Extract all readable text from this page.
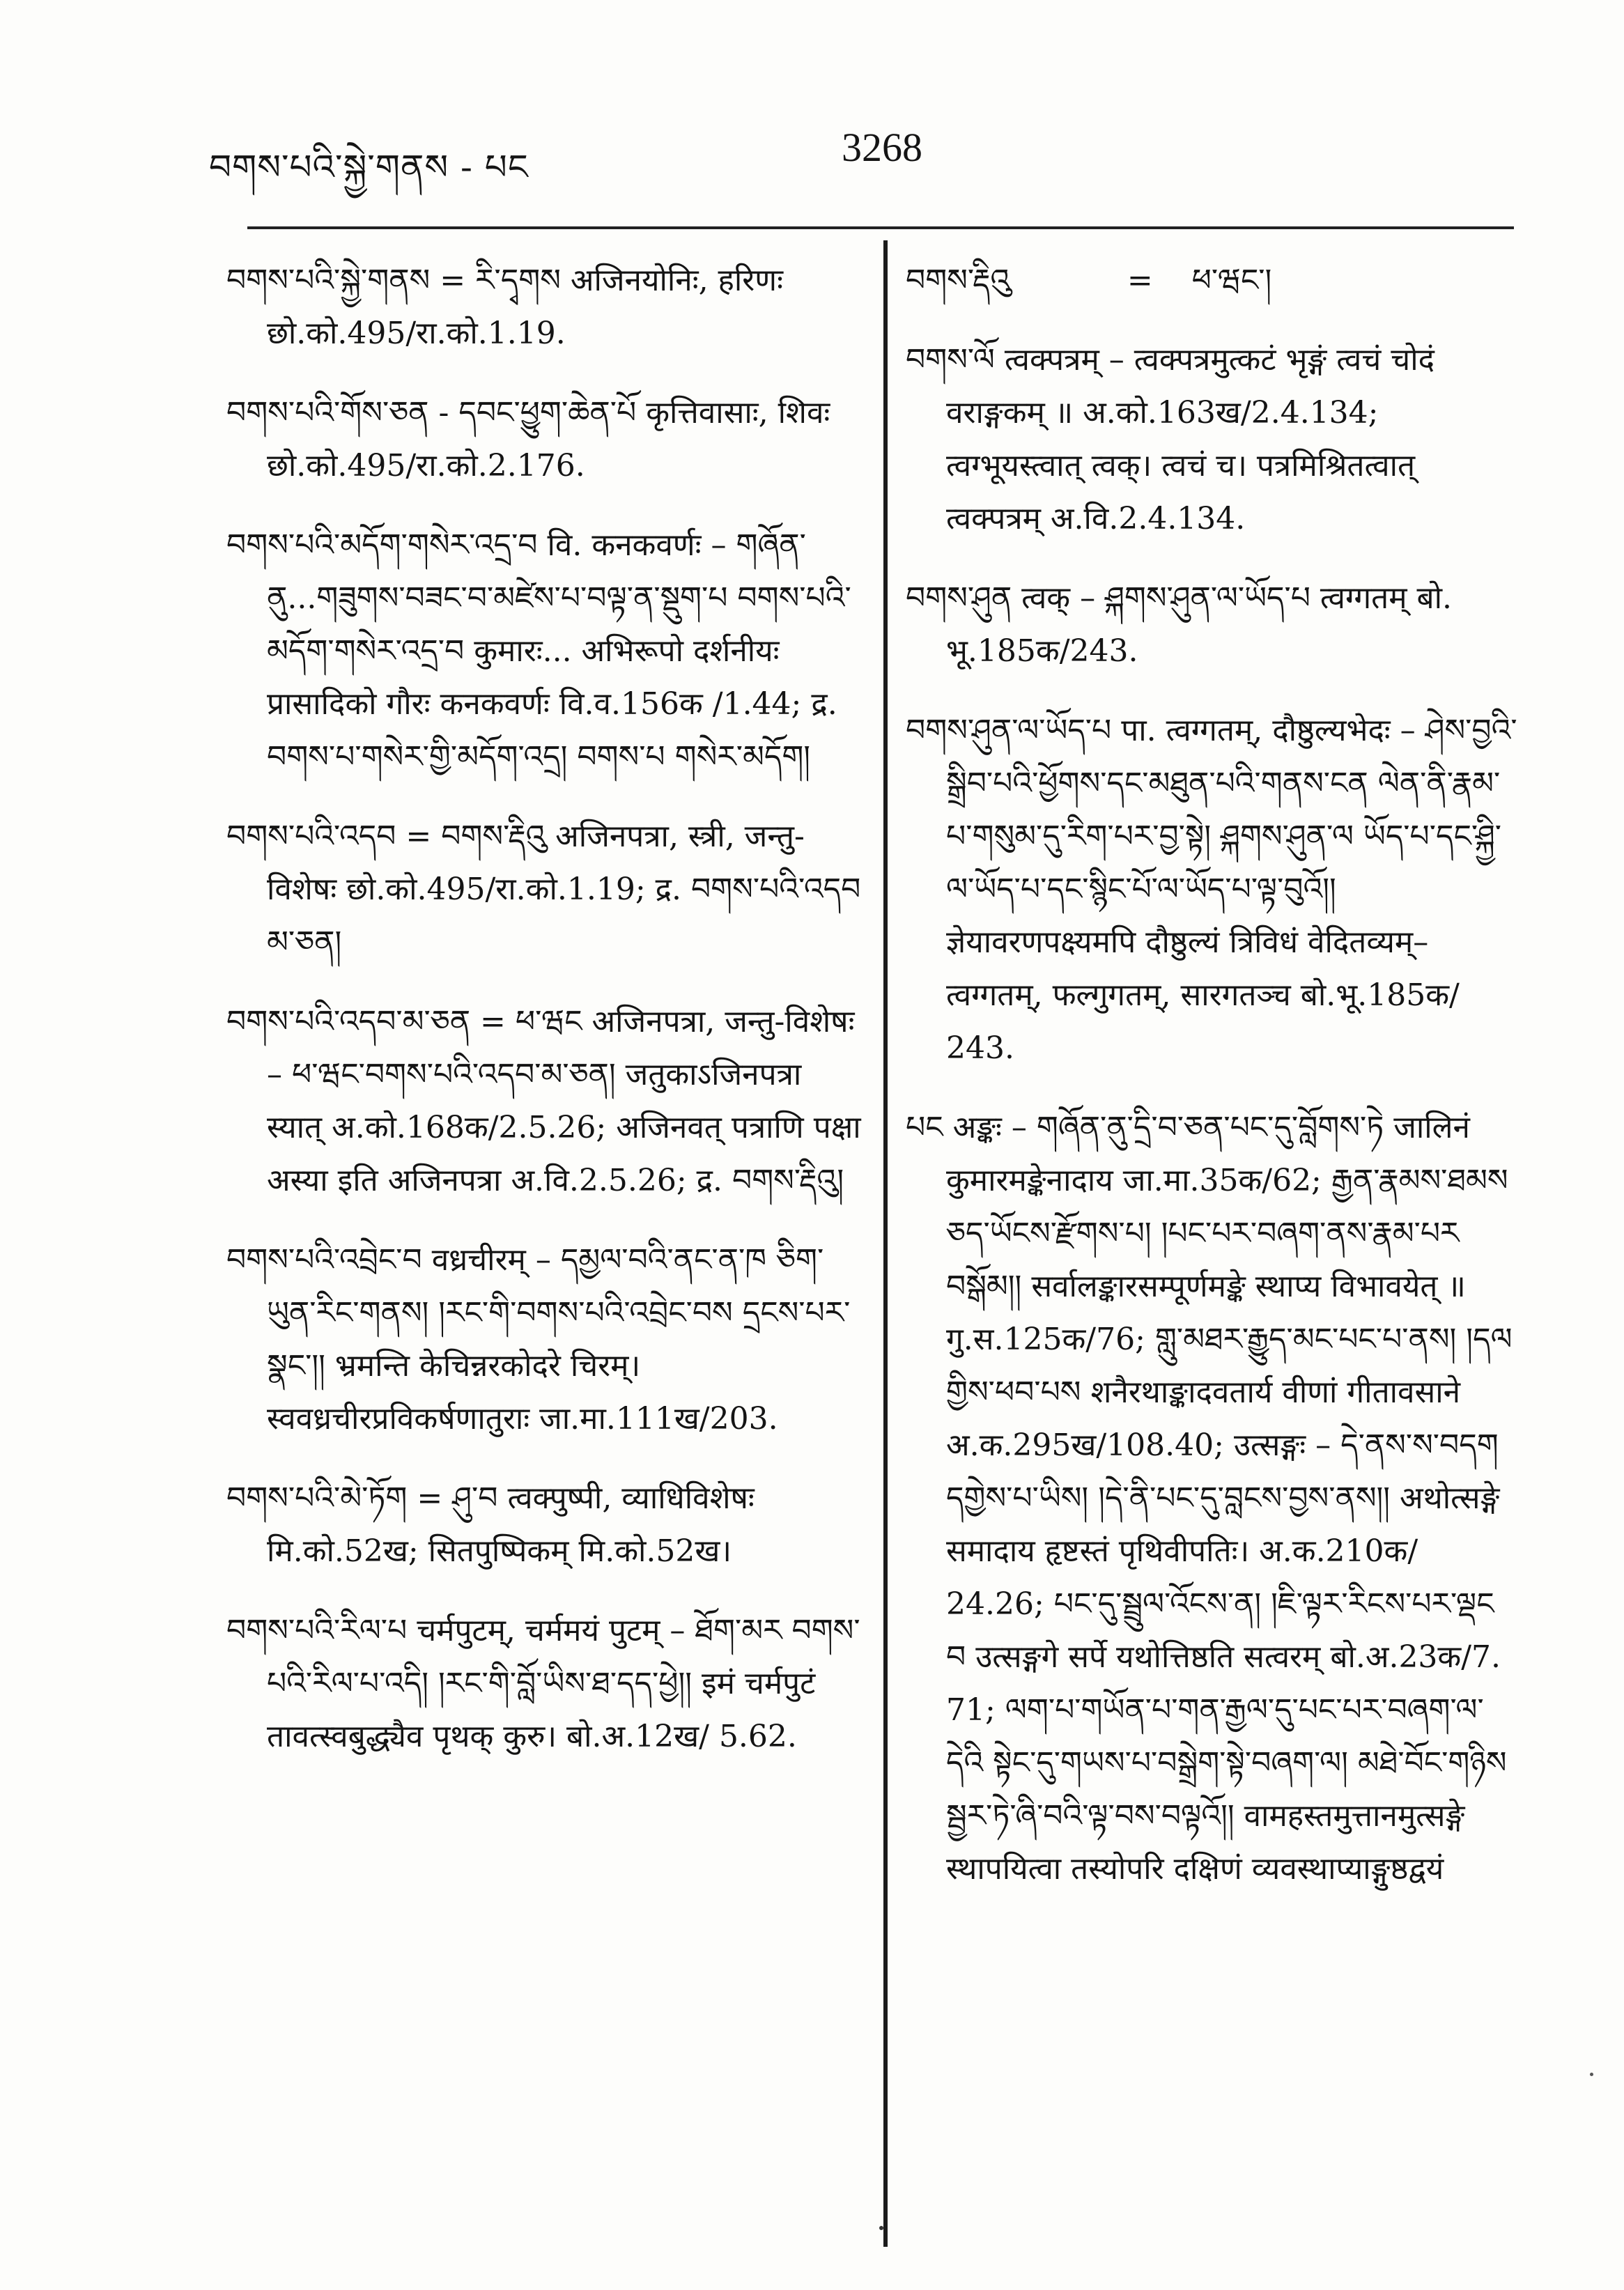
བགས་པའི་སྐྱེ་གནས - པང	3268

བགས་པའི་སྐྱེ་གནས = རི་དྭགས अजिनयोनिः, हरिणः छो.को.495/रा.को.1.19.

བགས་པའི་གོས་ཅན - དབང་ཕྱུག་ཆེན་པོ कृत्तिवासाः, शिवः छो.को.495/रा.को.2.176.

བགས་པའི་མདོག་གསེར་འདྲ་བ वि. कनकवर्णः – གཞོན་ནུ...གཟུགས་བཟང་བ་མཛེས་པ་བལྟ་ན་སྡུག་པ བགས་པའི་མདོག་གསེར་འདྲ་བ कुमारः... अभिरूपो दर्शनीयः प्रासादिको गौरः कनकवर्णः वि.व.156क /1.44; द्र. བགས་པ་གསེར་གྱི་མདོག་འདྲ། བགས་པ གསེར་མདོག།

བགས་པའི་འདབ = བགས་རྡིའུ अजिनपत्रा, स्त्री, जन्तु-विशेषः छो.को.495/रा.को.1.19; द्र. བགས་པའི་འདབ མ་ཅན།

བགས་པའི་འདབ་མ་ཅན = ཕ་ཝང अजिनपत्रा, जन्तु-विशेषः – ཕ་ཝང་བགས་པའི་འདབ་མ་ཅན། जतुकाऽजिनपत्रा स्यात् अ.को.168क/2.5.26; अजिनवत् पत्राणि पक्षा अस्या इति अजिनपत्रा अ.वि.2.5.26; द्र. བགས་རྡིའུ།

བགས་པའི་འབྲེང་བ वध्रचीरम् – དམྱལ་བའི་ནང་ན་ཁ ཅིག་ཡུན་རིང་གནས། །རང་གི་བགས་པའི་འབྲེང་བས དྲངས་པར་སྣང་།། भ्रमन्ति केचिन्नरकोदरे चिरम्। स्ववध्रचीरप्रविकर्षणातुराः जा.मा.111ख/203.

བགས་པའི་མེ་ཏོག = ཤུ་བ त्वक्पुष्पी, व्याधिविशेषः मि.को.52ख; सितपुष्पिकम् मि.को.52ख।

བགས་པའི་རིལ་པ चर्मपुटम्, चर्ममयं पुटम् – ཐོག་མར བགས་པའི་རིལ་པ་འདི། །རང་གི་བློ་ཡིས་ཐ་དད་ཕྱེ།། इमं चर्मपुटं तावत्स्वबुद्ध्यैव पृथक् कुरु। बो.अ.12ख/ 5.62.

བགས་རྡིའུ            =    ཕ་ཝང་།

བགས་ལོ त्वक्पत्रम् – त्वक्पत्रमुत्कटं भृङ्गं त्वचं चोदं वराङ्गकम् ॥ अ.को.163ख/2.4.134; त्वग्भूयस्त्वात् त्वक्। त्वचं च। पत्रमिश्रितत्वात् त्वक्पत्रम् अ.वि.2.4.134.

བགས་ཤུན त्वक् – ཤྐགས་ཤུན་ལ་ཡོད་པ त्वग्गतम् बो. भू.185क/243.

བགས་ཤུན་ལ་ཡོད་པ पा. त्वग्गतम्, दौष्ठुल्यभेदः – ཤེས་བྱའི་སྒྲིབ་པའི་ཕྱོགས་དང་མཐུན་པའི་གནས་ངན ལེན་ནི་རྣམ་པ་གསུམ་དུ་རིག་པར་བྱ་སྟེ། ཤྐགས་ཤུན་ལ ཡོད་པ་དང་ཤྐྱི་ལ་ཡོད་པ་དང་སྙིང་པོ་ལ་ཡོད་པ་ལྟ་བུའོ།། ज्ञेयावरणपक्ष्यमपि दौष्ठुल्यं त्रिविधं वेदितव्यम्– त्वग्गतम्, फल्गुगतम्, सारगतञ्च बो.भू.185क/ 243.

པང अङ्कः – གཞོན་ནུ་དྲི་བ་ཅན་པང་དུ་བློགས་ཏེ जालिनं कुमारमङ्केनादाय जा.मा.35क/62; རྒྱན་རྣམས་ཐམས ཅད་ཡོངས་རྫོགས་པ། །པང་པར་བཞག་ནས་རྣམ་པར བསྒོམ།། सर्वालङ्कारसम्पूर्णमङ्के स्थाप्य विभावयेत् ॥ गु.स.125क/76; གླུ་མཐར་རྒྱུད་མང་པང་པ་ནས། །དལ གྱིས་ཕབ་པས शनैरथाङ्कादवतार्य वीणां गीतावसाने अ.क.295ख/108.40; उत्सङ्गः – དེ་ནས་ས་བདག དགྱེས་པ་ཡིས། །དེ་ནི་པང་དུ་བླངས་བྱས་ནས།། अथोत्सङ्गे समादाय हृष्टस्तं पृथिवीपतिः। अ.क.210क/ 24.26; པང་དུ་སྦྲུལ་འོངས་ན། །ཇི་ལྟར་རིངས་པར་ལྡང བ उत्सङ्गगे सर्पे यथोत्तिष्ठति सत्वरम् बो.अ.23क/7. 71; ལག་པ་གཡོན་པ་གན་རྒྱལ་དུ་པང་པར་བཞག་ལ་དེའི སྟེང་དུ་གཡས་པ་བསྒྲེག་སྟེ་བཞག་ལ། མཐེ་བོང་གཉིས སྦྱར་ཏེ་ཞི་བའི་ལྟ་བས་བལྟའོ།། वामहस्तमुत्तानमुत्सङ्गे स्थापयित्वा तस्योपरि दक्षिणं व्यवस्थाप्याङ्गुष्ठद्वयं
